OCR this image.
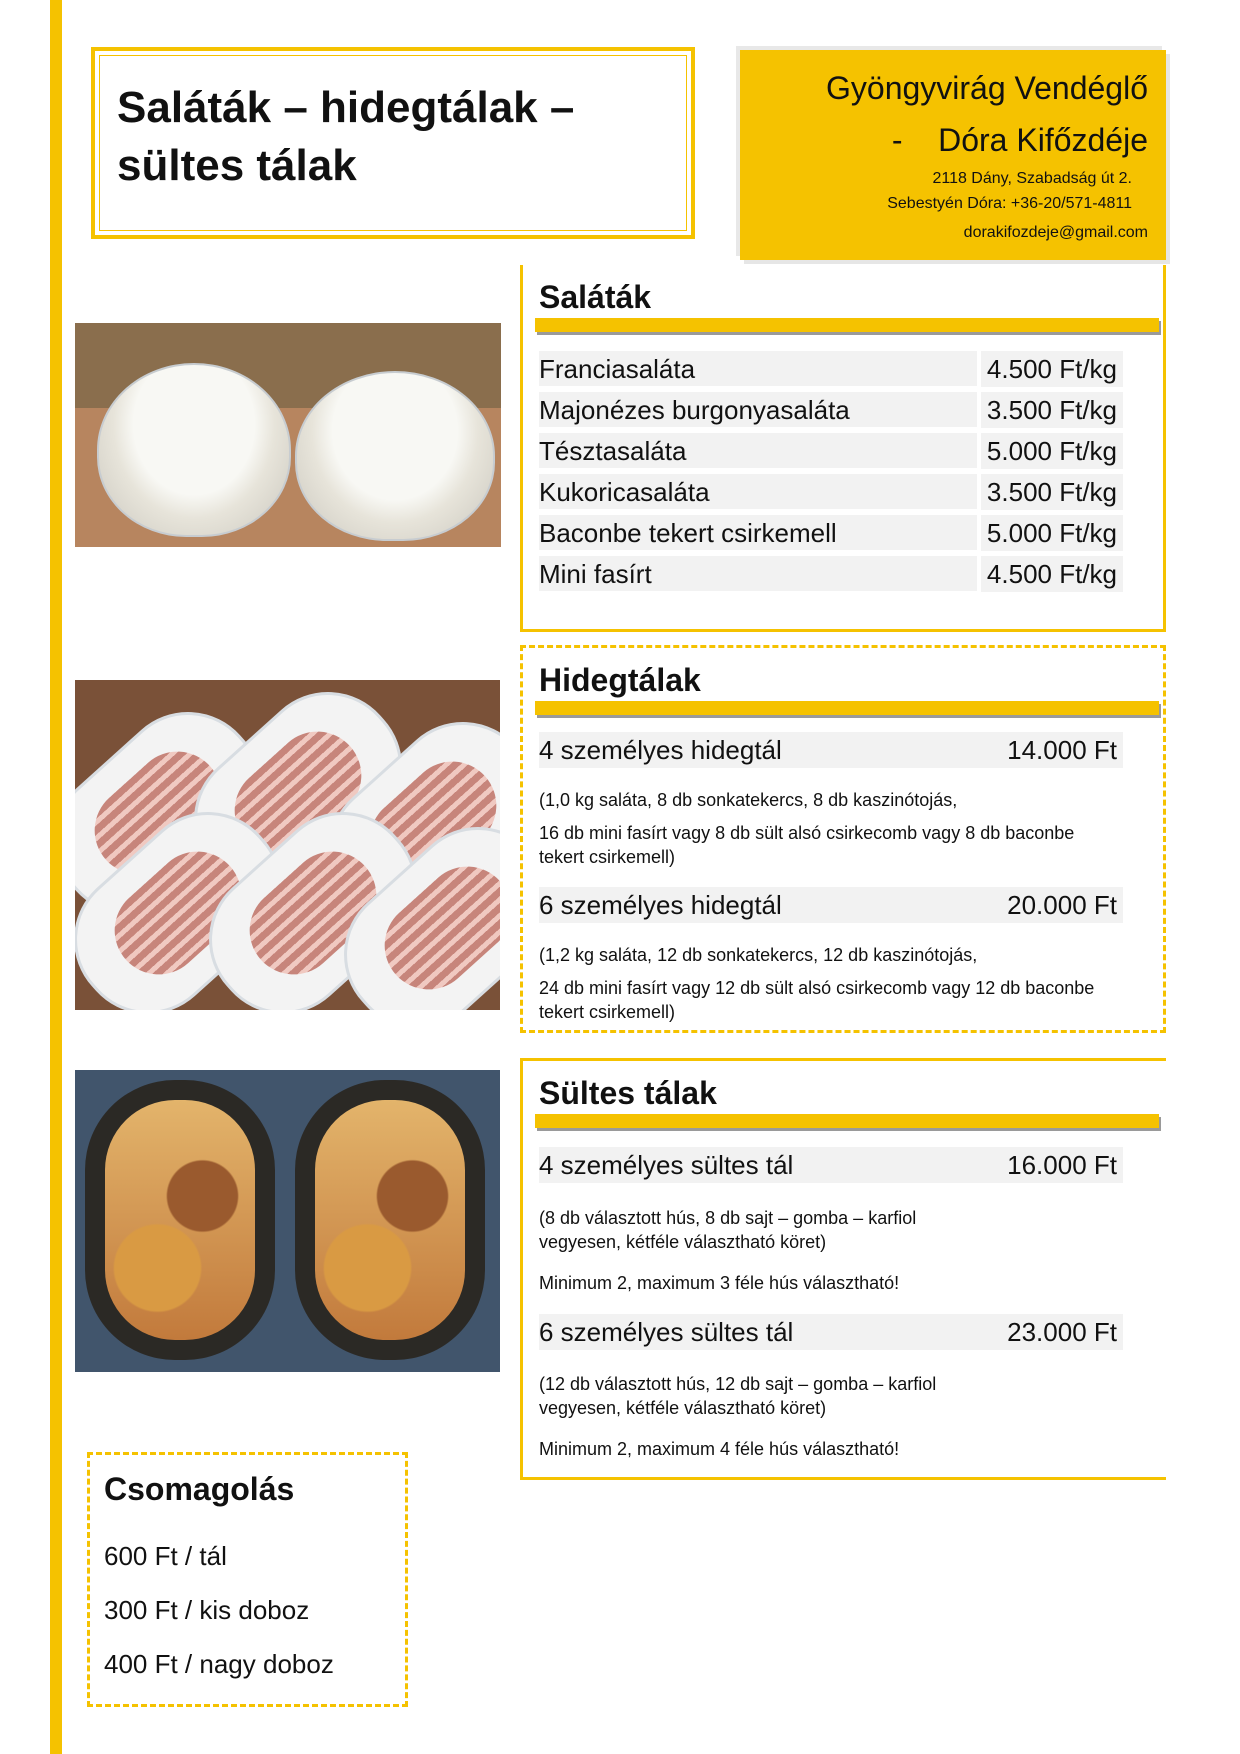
Saláták – hidegtálak – sültes tálak
Gyöngyvirág Vendéglő
-    Dóra Kifőzdéje
2118 Dány, Szabadság út 2.
Sebestyén Dóra: +36-20/571-4811
dorakifozdeje@gmail.com
Saláták
Franciasaláta	4.500 Ft/kg
Majonézes burgonyasaláta	3.500 Ft/kg
Tésztasaláta	5.000 Ft/kg
Kukoricasaláta	3.500 Ft/kg
Baconbe tekert csirkemell	5.000 Ft/kg
Mini fasírt	4.500 Ft/kg
Hidegtálak
4 személyes hidegtál	14.000 Ft
(1,0 kg saláta, 8 db sonkatekercs, 8 db kaszinótojás,
16 db mini fasírt vagy 8 db sült alsó csirkecomb vagy 8 db baconbe tekert csirkemell)
6 személyes hidegtál	20.000 Ft
(1,2 kg saláta, 12 db sonkatekercs, 12 db kaszinótojás,
24 db mini fasírt vagy 12 db sült alsó csirkecomb vagy 12 db baconbe tekert csirkemell)
Sültes tálak
4 személyes sültes tál	16.000 Ft
(8 db választott hús, 8 db sajt – gomba – karfiol vegyesen, kétféle választható köret)
Minimum 2, maximum 3 féle hús választható!
6 személyes sültes tál	23.000 Ft
(12 db választott hús, 12 db sajt – gomba – karfiol vegyesen, kétféle választható köret)
Minimum 2, maximum 4 féle hús választható!
Csomagolás
600 Ft / tál
300 Ft / kis doboz
400 Ft / nagy doboz
